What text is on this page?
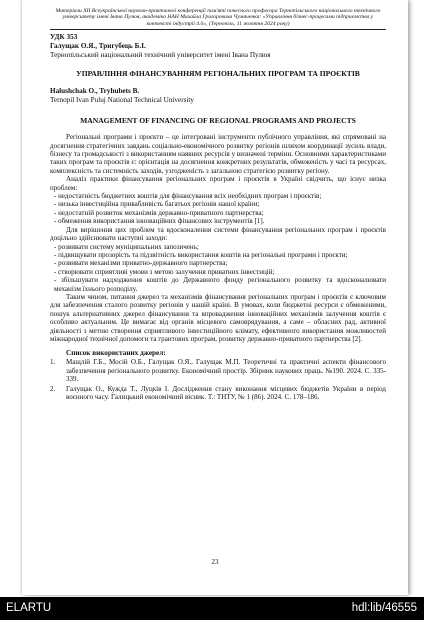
Матеріали ХІІ Всеукраїнської науково-практичної конференції пам'яті почесного професора Тернопільського національного технічного університету імені Івана Пулюя, академіка НАН Михайла Григоровича Чумаченка: «Управління бізнес-процесами підприємства у контексті індустрії 4.0», (Тернопіль, 11 жовтня 2024 року)
УДК 353
Галущак О.Я., Тригубець Б.І.
Тернопільський національний технічний університет імені Івана Пулюя
УПРАВЛІННЯ ФІНАНСУВАННЯМ РЕГІОНАЛЬНИХ ПРОГРАМ ТА ПРОЄКТІВ
Halushchak O., Tryhubets B.
Ternopil Ivan Puluj National Technical University
MANAGEMENT OF FINANCING OF REGIONAL PROGRAMS AND PROJECTS

Регіональні програми і проєкти – це інтегровані інструменти публічного управління, які спрямовані на досягнення стратегічних завдань соціально-економічного розвитку регіонів шляхом координації зусиль влади, бізнесу та громадськості з використанням наявних ресурсів у визначені терміни. Основними характеристиками таких програм та проєктів є: орієнтація на досягнення конкретних результатів, обмеженість у часі та ресурсах, комплексність та системність заходів, узгодженість з загальною стратегією розвитку регіону.

Аналіз практики фінансування регіональних програм і проєктів в Україні свідчить, що існує низка проблем:

- недостатність бюджетних коштів для фінансування всіх необхідних програм і проєктів;

- низька інвестиційна привабливість багатьох регіонів нашої країни;

- недостатній розвиток механізмів державно-приватного партнерства;

- обмеження використання інноваційних фінансових інструментів [1].

Для вирішення цих проблем та вдосконалення системи фінансування регіональних програм і проєктів доцільно здійснювати наступні заходи:

- розвивати систему муніципальних запозичень;

- підвищувати прозорість та підзвітність використання коштів на регіональні програми і проєкти;

- розвивати механізми приватно-державного партнерства;

- створювати сприятливі умови з метою залучення приватних інвестицій;

- збільшувати надходження коштів до Державного фонду регіонального розвитку та вдосконалювати механізм їхнього розподілу.

Таким чином, питання джерел та механізмів фінансування регіональних програм і проєктів є ключовим для забезпечення сталого розвитку регіонів у нашій країні. В умовах, коли бюджетні ресурси є обмеженими, пошук альтернативних джерел фінансування та впровадження інноваційних механізмів залучення коштів є особливо актуальним. Це вимагає від органів місцевого самоврядування, а саме – обласних рад, активної діяльності з метою створення сприятливого інвестиційного клімату, ефективного використання можливостей міжнародної технічної допомоги та грантових програм, розвитку державно-приватного партнерства [2].

Список використаних джерел:
1.	Мащлій Г.Б., Мосій О.Б., Галущак О.Я., Галущак М.П. Теоретичні та практичні аспекти фінансового забезпечення регіонального розвитку. Економічний простір. Збірник наукових праць. №190. 2024. С. 335-339.
2.	Галущак О., Кужда Т., Луцків І. Дослідження стану виконання місцевих бюджетів України в період воєнного часу. Галицький економічний вісник. Т.: ТНТУ, № 1 (86). 2024. С. 178–186.
23
ELARTU	hdl:lib/46555
